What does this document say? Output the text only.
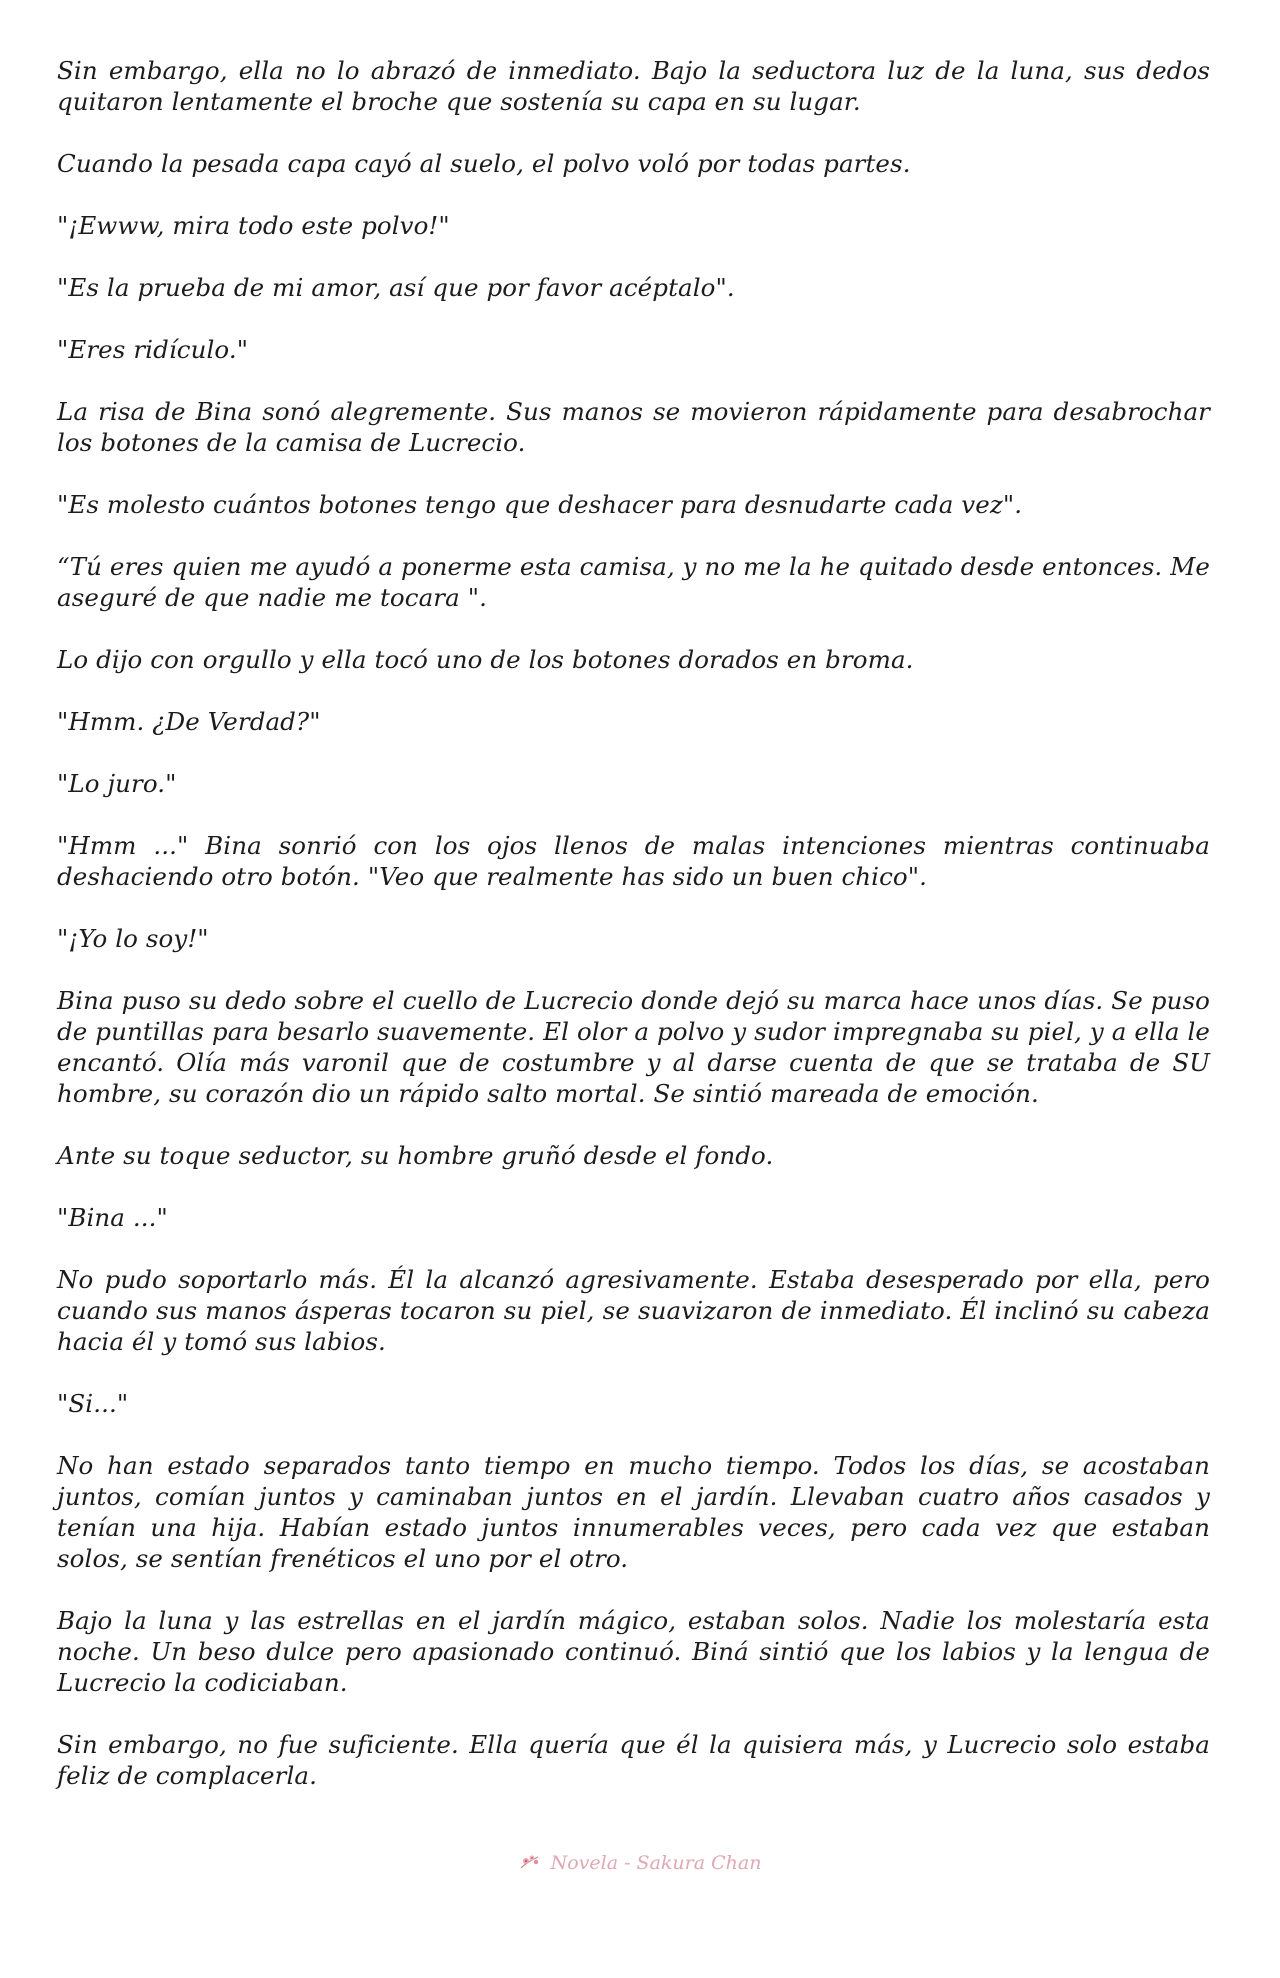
Sin embargo, ella no lo abrazó de inmediato. Bajo la seductora luz de la luna, sus dedos quitaron lentamente el broche que sostenía su capa en su lugar.

Cuando la pesada capa cayó al suelo, el polvo voló por todas partes.

"¡Ewww, mira todo este polvo!"

"Es la prueba de mi amor, así que por favor acéptalo".

"Eres ridículo."

La risa de Bina sonó alegremente. Sus manos se movieron rápidamente para desabrochar los botones de la camisa de Lucrecio.

"Es molesto cuántos botones tengo que deshacer para desnudarte cada vez".

“Tú eres quien me ayudó a ponerme esta camisa, y no me la he quitado desde entonces. Me aseguré de que nadie me tocara ".

Lo dijo con orgullo y ella tocó uno de los botones dorados en broma.

"Hmm. ¿De Verdad?"

"Lo juro."

"Hmm ..." Bina sonrió con los ojos llenos de malas intenciones mientras continuaba deshaciendo otro botón. "Veo que realmente has sido un buen chico".

"¡Yo lo soy!"

Bina puso su dedo sobre el cuello de Lucrecio donde dejó su marca hace unos días. Se puso de puntillas para besarlo suavemente. El olor a polvo y sudor impregnaba su piel, y a ella le encantó. Olía más varonil que de costumbre y al darse cuenta de que se trataba de SU hombre, su corazón dio un rápido salto mortal. Se sintió mareada de emoción.

Ante su toque seductor, su hombre gruñó desde el fondo.

"Bina ..."

No pudo soportarlo más. Él la alcanzó agresivamente. Estaba desesperado por ella, pero cuando sus manos ásperas tocaron su piel, se suavizaron de inmediato. Él inclinó su cabeza hacia él y tomó sus labios.

"Si..."

No han estado separados tanto tiempo en mucho tiempo. Todos los días, se acostaban juntos, comían juntos y caminaban juntos en el jardín. Llevaban cuatro años casados y tenían una hija. Habían estado juntos innumerables veces, pero cada vez que estaban solos, se sentían frenéticos el uno por el otro.

Bajo la luna y las estrellas en el jardín mágico, estaban solos. Nadie los molestaría esta noche. Un beso dulce pero apasionado continuó. Biná sintió que los labios y la lengua de Lucrecio la codiciaban.

Sin embargo, no fue suficiente. Ella quería que él la quisiera más, y Lucrecio solo estaba feliz de complacerla.

Novela - Sakura Chan
